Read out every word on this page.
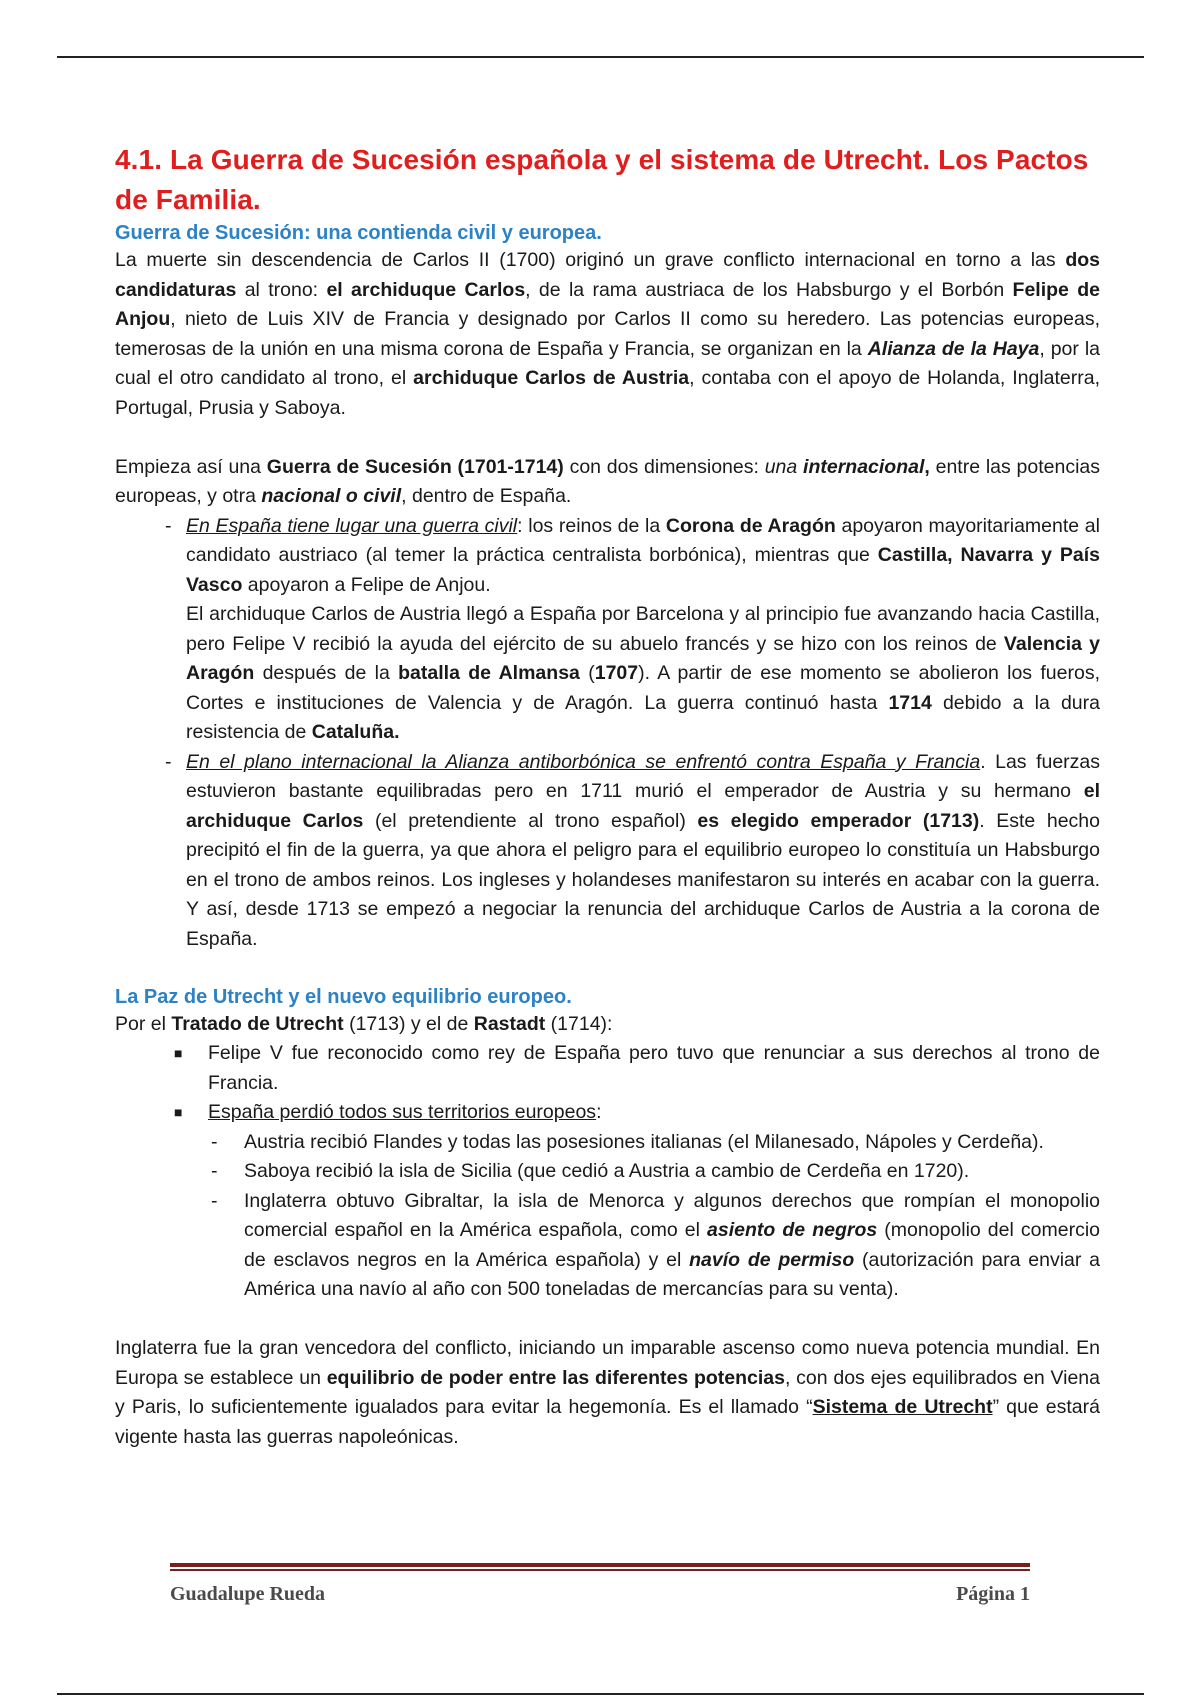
4.1. La Guerra de Sucesión española y el sistema de Utrecht. Los Pactos de Familia.
Guerra de Sucesión: una contienda civil y europea.

La muerte sin descendencia de Carlos II (1700) originó un grave conflicto internacional en torno a las dos candidaturas al trono: el archiduque Carlos, de la rama austriaca de los Habsburgo y el Borbón Felipe de Anjou, nieto de Luis XIV de Francia y designado por Carlos II como su heredero. Las potencias europeas, temerosas de la unión en una misma corona de España y Francia, se organizan en la Alianza de la Haya, por la cual el otro candidato al trono, el archiduque Carlos de Austria, contaba con el apoyo de Holanda, Inglaterra, Portugal, Prusia y Saboya.

Empieza así una Guerra de Sucesión (1701-1714) con dos dimensiones: una internacional, entre las potencias europeas, y otra nacional o civil, dentro de España.

- En España tiene lugar una guerra civil: los reinos de la Corona de Aragón apoyaron mayoritariamente al candidato austriaco (al temer la práctica centralista borbónica), mientras que Castilla, Navarra y País Vasco apoyaron a Felipe de Anjou.

El archiduque Carlos de Austria llegó a España por Barcelona y al principio fue avanzando hacia Castilla, pero Felipe V recibió la ayuda del ejército de su abuelo francés y se hizo con los reinos de Valencia y Aragón después de la batalla de Almansa (1707). A partir de ese momento se abolieron los fueros, Cortes e instituciones de Valencia y de Aragón. La guerra continuó hasta 1714 debido a la dura resistencia de Cataluña.

- En el plano internacional la Alianza antiborbónica se enfrentó contra España y Francia. Las fuerzas estuvieron bastante equilibradas pero en 1711 murió el emperador de Austria y su hermano el archiduque Carlos (el pretendiente al trono español) es elegido emperador (1713). Este hecho precipitó el fin de la guerra, ya que ahora el peligro para el equilibrio europeo lo constituía un Habsburgo en el trono de ambos reinos. Los ingleses y holandeses manifestaron su interés en acabar con la guerra. Y así, desde 1713 se empezó a negociar la renuncia del archiduque Carlos de Austria a la corona de España.

La Paz de Utrecht y el nuevo equilibrio europeo.

Por el Tratado de Utrecht (1713) y el de Rastadt (1714):

■ Felipe V fue reconocido como rey de España pero tuvo que renunciar a sus derechos al trono de Francia.

■ España perdió todos sus territorios europeos:

- Austria recibió Flandes y todas las posesiones italianas (el Milanesado, Nápoles y Cerdeña).

- Saboya recibió la isla de Sicilia (que cedió a Austria a cambio de Cerdeña en 1720).

- Inglaterra obtuvo Gibraltar, la isla de Menorca y algunos derechos que rompían el monopolio comercial español en la América española, como el asiento de negros (monopolio del comercio de esclavos negros en la América española) y el navío de permiso (autorización para enviar a América una navío al año con 500 toneladas de mercancías para su venta).

Inglaterra fue la gran vencedora del conflicto, iniciando un imparable ascenso como nueva potencia mundial. En Europa se establece un equilibrio de poder entre las diferentes potencias, con dos ejes equilibrados en Viena y Paris, lo suficientemente igualados para evitar la hegemonía. Es el llamado “Sistema de Utrecht” que estará vigente hasta las guerras napoleónicas.

Guadalupe Rueda	Página 1
